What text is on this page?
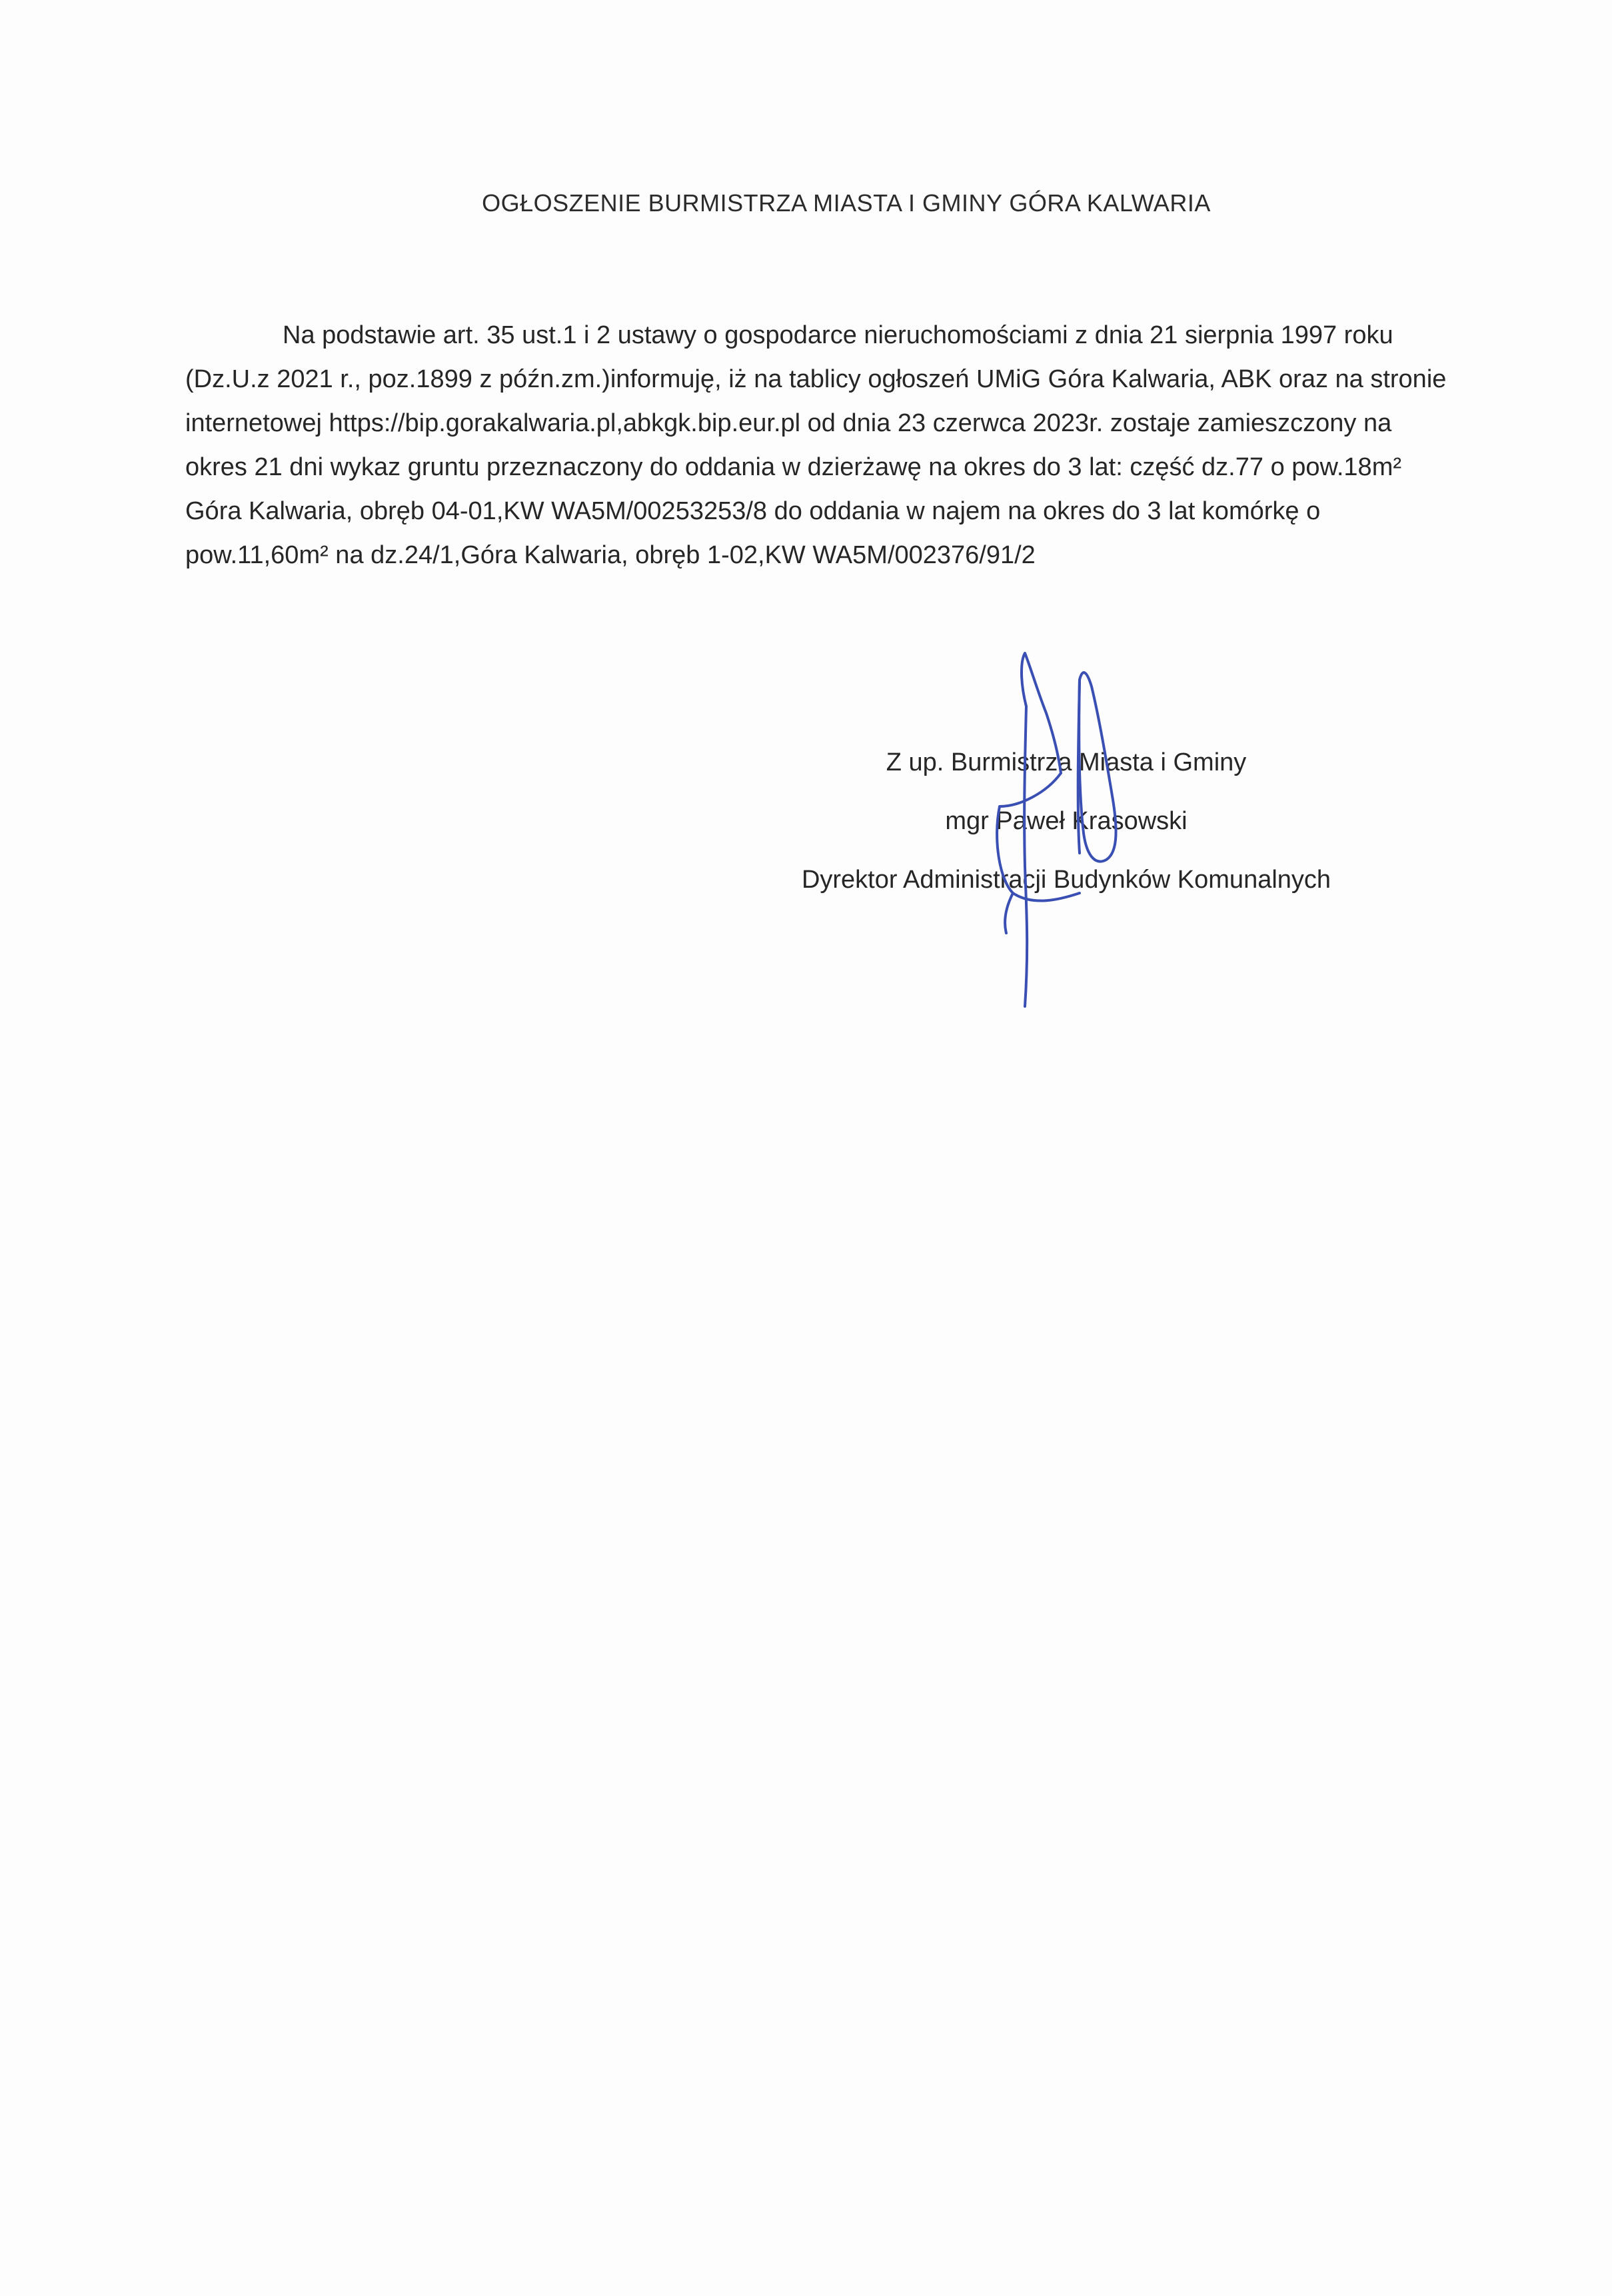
OGŁOSZENIE BURMISTRZA MIASTA I GMINY GÓRA KALWARIA

Na podstawie art. 35 ust.1 i 2 ustawy o gospodarce nieruchomościami z dnia 21 sierpnia 1997 roku (Dz.U.z 2021 r., poz.1899 z późn.zm.)informuję, iż na tablicy ogłoszeń UMiG Góra Kalwaria, ABK oraz na stronie internetowej https://bip.gorakalwaria.pl,abkgk.bip.eur.pl od dnia 23 czerwca 2023r. zostaje zamieszczony na okres 21 dni wykaz gruntu przeznaczony do oddania w dzierżawę na okres do 3 lat: część dz.77 o pow.18m² Góra Kalwaria, obręb 04-01,KW WA5M/00253253/8 do oddania w najem na okres do 3 lat komórkę o pow.11,60m² na dz.24/1,Góra Kalwaria, obręb 1-02,KW WA5M/002376/91/2

Z up. Burmistrza Miasta i Gminy
mgr Paweł Krasowski
Dyrektor Administracji Budynków Komunalnych
